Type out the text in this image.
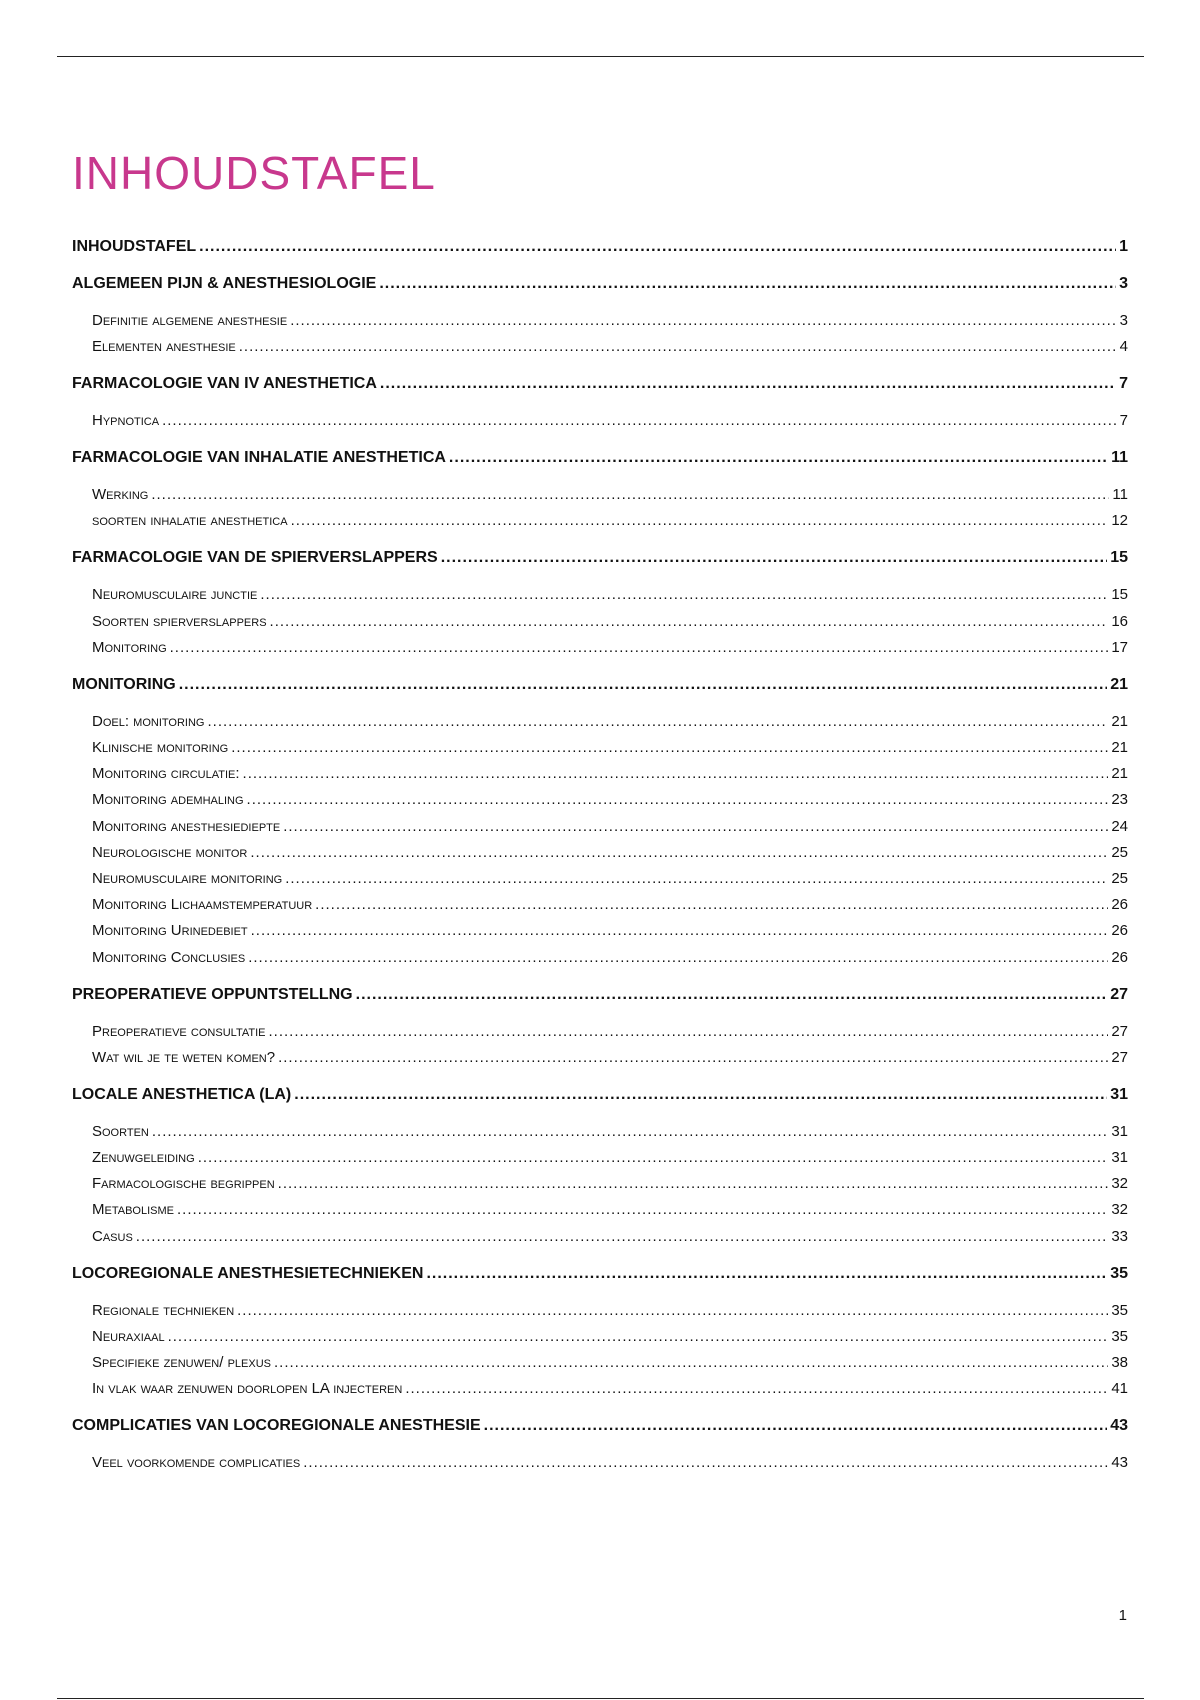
INHOUDSTAFEL
INHOUDSTAFEL .....	1
ALGEMEEN PIJN & ANESTHESIOLOGIE .....	3
Definitie algemene anesthesie .....	3
Elementen anesthesie .....	4
FARMACOLOGIE VAN IV ANESTHETICA .....	7
Hypnotica .....	7
FARMACOLOGIE VAN INHALATIE ANESTHETICA .....	11
Werking .....	11
soorten inhalatie anesthetica .....	12
FARMACOLOGIE VAN DE SPIERVERSLAPPERS .....	15
Neuromusculaire junctie .....	15
Soorten spierverslappers .....	16
Monitoring .....	17
MONITORING .....	21
Doel: monitoring .....	21
Klinische monitoring .....	21
Monitoring circulatie: .....	21
Monitoring ademhaling .....	23
Monitoring anesthesiediepte .....	24
Neurologische monitor .....	25
Neuromusculaire monitoring .....	25
Monitoring Lichaamstemperatuur .....	26
Monitoring Urinedebiet .....	26
Monitoring Conclusies .....	26
PREOPERATIEVE OPPUNTSTELLNG .....	27
Preoperatieve consultatie .....	27
Wat wil je te weten komen? .....	27
LOCALE ANESTHETICA (LA) .....	31
Soorten .....	31
Zenuwgeleiding .....	31
Farmacologische begrippen .....	32
Metabolisme .....	32
Casus .....	33
LOCOREGIONALE ANESTHESIETECHNIEKEN .....	35
Regionale technieken .....	35
Neuraxiaal .....	35
Specifieke zenuwen/ plexus .....	38
In vlak waar zenuwen doorlopen LA injecteren .....	41
COMPLICATIES VAN LOCOREGIONALE ANESTHESIE .....	43
Veel voorkomende complicaties .....	43
1
